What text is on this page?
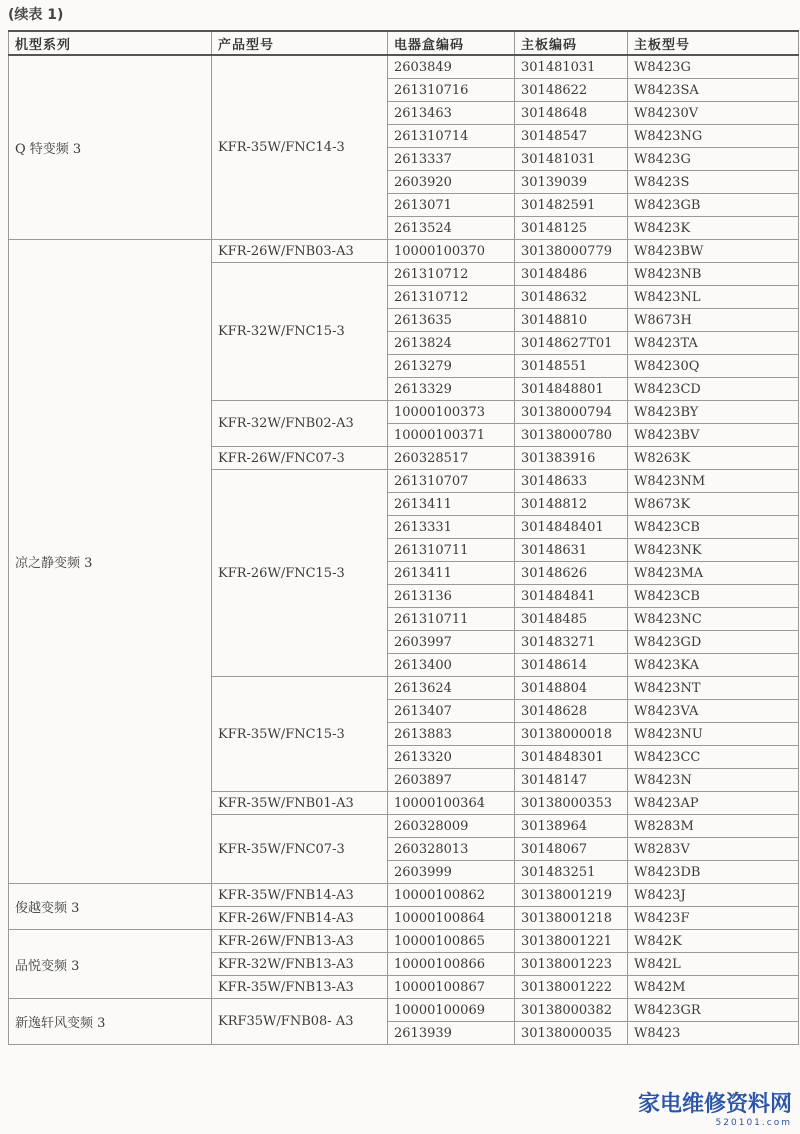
(续表 1)
机型系列	产品型号	电器盒编码	主板编码	主板型号
Q 特变频 3	KFR-35W/FNC14-3	2603849	301481031	W8423G
		261310716	30148622	W8423SA
		2613463	30148648	W84230V
		261310714	30148547	W8423NG
		2613337	301481031	W8423G
		2603920	30139039	W8423S
		2613071	301482591	W8423GB
		2613524	30148125	W8423K
凉之静变频 3	KFR-26W/FNB03-A3	10000100370	30138000779	W8423BW
	KFR-32W/FNC15-3	261310712	30148486	W8423NB
		261310712	30148632	W8423NL
		2613635	30148810	W8673H
		2613824	30148627T01	W8423TA
		2613279	30148551	W84230Q
		2613329	3014848801	W8423CD
	KFR-32W/FNB02-A3	10000100373	30138000794	W8423BY
		10000100371	30138000780	W8423BV
	KFR-26W/FNC07-3	260328517	301383916	W8263K
	KFR-26W/FNC15-3	261310707	30148633	W8423NM
		2613411	30148812	W8673K
		2613331	3014848401	W8423CB
		261310711	30148631	W8423NK
		2613411	30148626	W8423MA
		2613136	301484841	W8423CB
		261310711	30148485	W8423NC
		2603997	301483271	W8423GD
		2613400	30148614	W8423KA
	KFR-35W/FNC15-3	2613624	30148804	W8423NT
		2613407	30148628	W8423VA
		2613883	30138000018	W8423NU
		2613320	3014848301	W8423CC
		2603897	30148147	W8423N
	KFR-35W/FNB01-A3	10000100364	30138000353	W8423AP
	KFR-35W/FNC07-3	260328009	30138964	W8283M
		260328013	30148067	W8283V
		2603999	301483251	W8423DB
俊越变频 3	KFR-35W/FNB14-A3	10000100862	30138001219	W8423J
	KFR-26W/FNB14-A3	10000100864	30138001218	W8423F
品悦变频 3	KFR-26W/FNB13-A3	10000100865	30138001221	W842K
	KFR-32W/FNB13-A3	10000100866	30138001223	W842L
	KFR-35W/FNB13-A3	10000100867	30138001222	W842M
新逸轩风变频 3	KRF35W/FNB08- A3	10000100069	30138000382	W8423GR
		2613939	30138000035	W8423
家电维修资料网
520101.com
